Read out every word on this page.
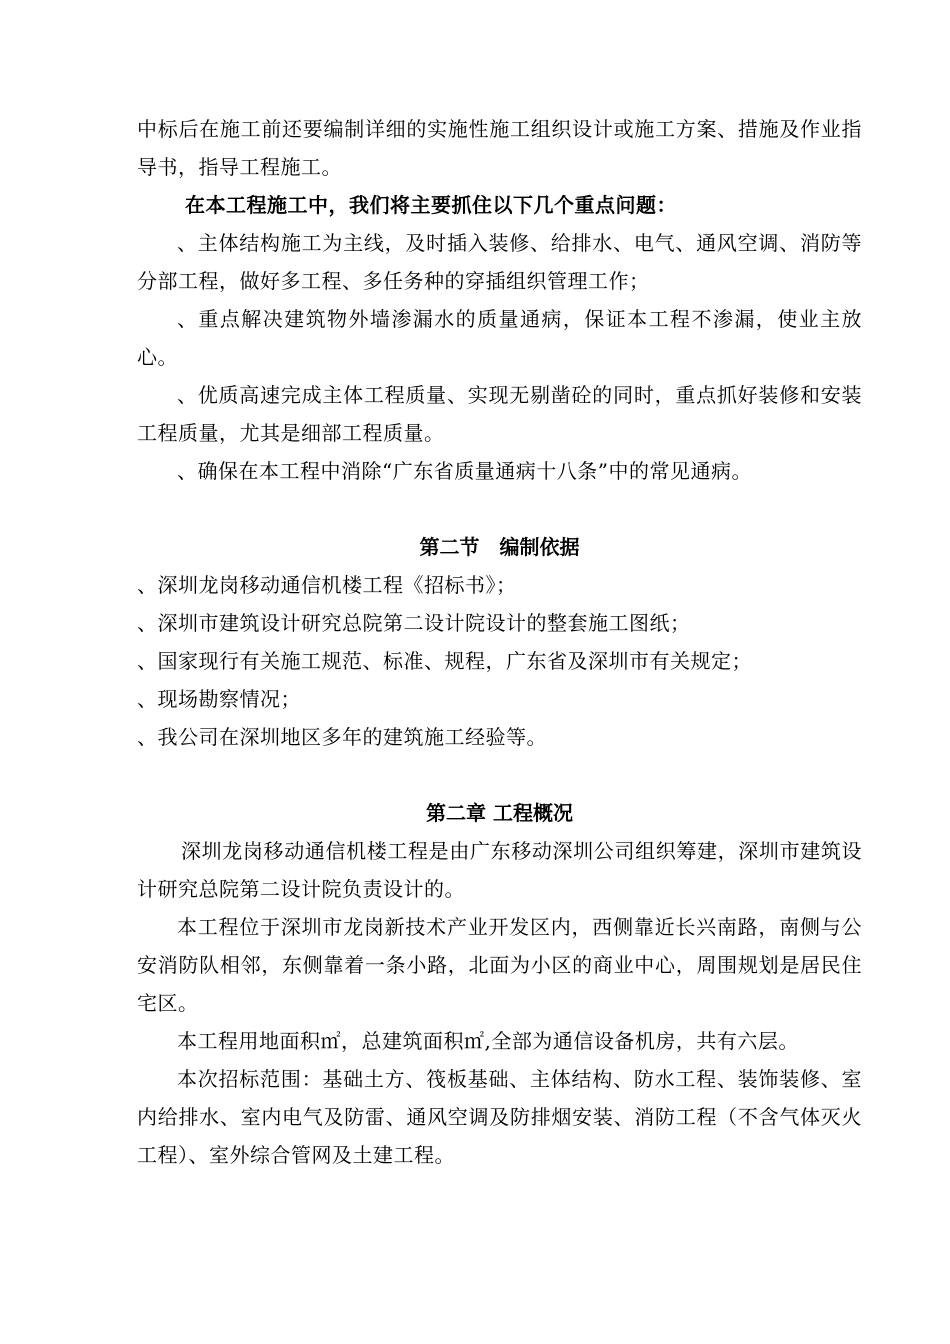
中标后在施工前还要编制详细的实施性施工组织设计或施工方案、措施及作业指导书，指导工程施工。

在本工程施工中，我们将主要抓住以下几个重点问题：

、主体结构施工为主线，及时插入装修、给排水、电气、通风空调、消防等分部工程，做好多工程、多任务种的穿插组织管理工作；

、重点解决建筑物外墙渗漏水的质量通病，保证本工程不渗漏，使业主放心。

、优质高速完成主体工程质量、实现无剔凿砼的同时，重点抓好装修和安装工程质量，尤其是细部工程质量。

、确保在本工程中消除“广东省质量通病十八条”中的常见通病。

第二节　编制依据

、深圳龙岗移动通信机楼工程《招标书》；

、深圳市建筑设计研究总院第二设计院设计的整套施工图纸；

、国家现行有关施工规范、标准、规程，广东省及深圳市有关规定；

、现场勘察情况；

、我公司在深圳地区多年的建筑施工经验等。

第二章 工程概况

深圳龙岗移动通信机楼工程是由广东移动深圳公司组织筹建，深圳市建筑设计研究总院第二设计院负责设计的。

本工程位于深圳市龙岗新技术产业开发区内，西侧靠近长兴南路，南侧与公安消防队相邻，东侧靠着一条小路，北面为小区的商业中心，周围规划是居民住宅区。

本工程用地面积㎡，总建筑面积㎡,全部为通信设备机房，共有六层。

本次招标范围：基础土方、筏板基础、主体结构、防水工程、装饰装修、室内给排水、室内电气及防雷、通风空调及防排烟安装、消防工程（不含气体灭火工程）、室外综合管网及土建工程。
